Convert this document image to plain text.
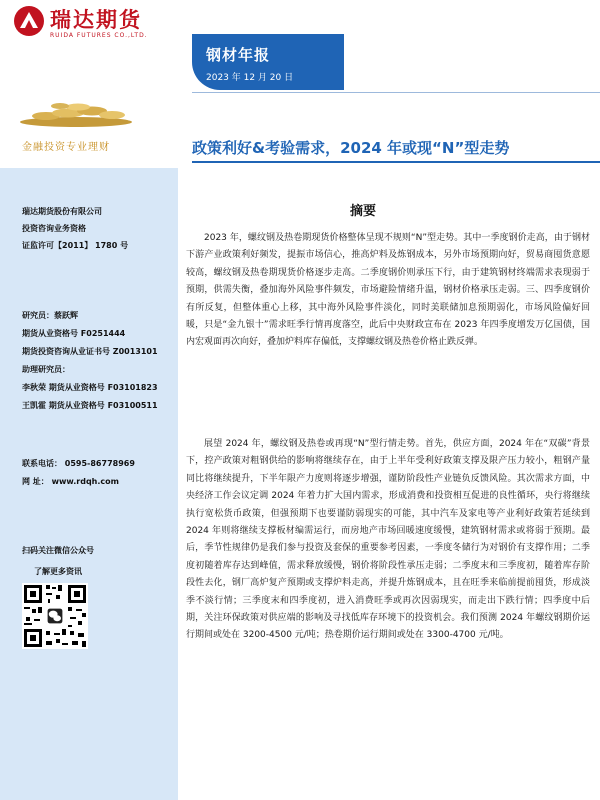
瑞达期货
RUIDA FUTURES CO.,LTD.
钢材年报
2023 年 12 月 20 日
金融投资专业理财	政策利好&考验需求，2024 年或现“N”型走势
瑞达期货股份有限公司
投资咨询业务资格
证监许可【2011】 1780 号
研究员：蔡跃辉
期货从业资格号 F0251444
期货投资咨询从业证书号 Z0013101
助理研究员：
李秋荣 期货从业资格号 F03101823
王凯霍 期货从业资格号 F03100511
联系电话： 0595-86778969
网 址： www.rdqh.com
扫码关注微信公众号
了解更多资讯
摘要
2023 年，螺纹钢及热卷期现货价格整体呈现不规则“N”型走势。其中一季度钢价走高，由于钢材下游产业政策利好频发，提振市场信心，推高炉料及炼钢成本，另外市场预期向好，贸易商囤货意愿较高，螺纹钢及热卷期现货价格逐步走高。二季度钢价则承压下行，由于建筑钢材终端需求表现弱于预期，供需失衡，叠加海外风险事件频发，市场避险情绪升温，钢材价格承压走弱。三、四季度钢价有所反复，但整体重心上移，其中海外风险事件淡化，同时美联储加息预期弱化，市场风险偏好回暖，只是“金九银十”需求旺季行情再度落空，此后中央财政宣布在 2023 年四季度增发万亿国债，国内宏观面再次向好，叠加炉料库存偏低，支撑螺纹钢及热卷价格止跌反弹。
展望 2024 年，螺纹钢及热卷或再现“N”型行情走势。首先，供应方面，2024 年在“双碳”背景下，控产政策对粗钢供给的影响将继续存在，由于上半年受利好政策支撑及限产压力较小，粗钢产量同比将继续提升，下半年限产力度则将逐步增强，谨防阶段性产业链负反馈风险。其次需求方面，中央经济工作会议定调 2024 年着力扩大国内需求，形成消费和投资相互促进的良性循环，央行将继续执行宽松货币政策，但强预期下也要谨防弱现实的可能，其中汽车及家电等产业利好政策若延续到 2024 年则将继续支撑板材编需运行，而房地产市场回暖速度缓慢，建筑钢材需求或将弱于预期。最后，季节性规律仍是我们参与投资及套保的重要参考因素，一季度冬储行为对钢价有支撑作用；二季度初随着库存达到峰值，需求释放缓慢，钢价将阶段性承压走弱；二季度末和三季度初，随着库存阶段性去化，钢厂高炉复产预期或支撑炉料走高，并提升炼钢成本，且在旺季来临前提前囤货，形成淡季不淡行情；三季度末和四季度初，进入消费旺季或再次因弱现实，而走出下跌行情；四季度中后期，关注环保政策对供应端的影响及寻找低库存环境下的投资机会。我们预测 2024 年螺纹钢期价运行期间或处在 3200-4500 元/吨；热卷期价运行期间或处在 3300-4700 元/吨。
